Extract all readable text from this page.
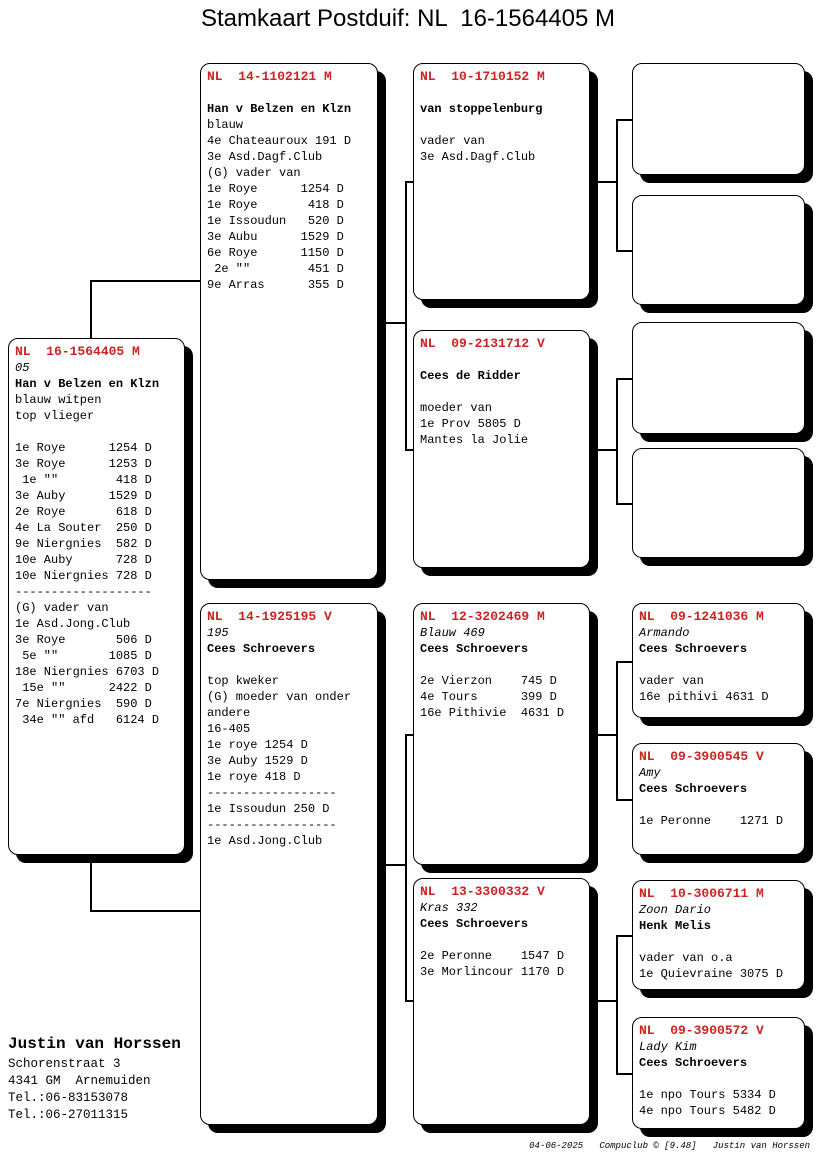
Stamkaart Postduif: NL  16-1564405 M
NL  16-1564405 M
05
Han v Belzen en Klzn
blauw witpen
top vlieger
1e Roye      1254 D
3e Roye      1253 D
1e ""        418 D
3e Auby      1529 D
2e Roye       618 D
4e La Souter  250 D
9e Niergnies  582 D
10e Auby      728 D
10e Niergnies 728 D
-------------------
(G) vader van
1e Asd.Jong.Club
3e Roye       506 D
5e ""       1085 D
18e Niergnies 6703 D
15e ""      2422 D
7e Niergnies  590 D
34e "" afd   6124 D
NL  14-1102121 M
Han v Belzen en Klzn
blauw
4e Chateauroux 191 D
3e Asd.Dagf.Club
(G) vader van
1e Roye      1254 D
1e Roye       418 D
1e Issoudun   520 D
3e Aubu      1529 D
6e Roye      1150 D
2e ""        451 D
9e Arras      355 D
NL  14-1925195 V
195
Cees Schroevers
top kweker
(G) moeder van onder
andere
16-405
1e roye 1254 D
3e Auby 1529 D
1e roye 418 D
------------------
1e Issoudun 250 D
------------------
1e Asd.Jong.Club
NL  10-1710152 M
van stoppelenburg
vader van
3e Asd.Dagf.Club
NL  09-2131712 V
Cees de Ridder
moeder van
1e Prov 5805 D
Mantes la Jolie
NL  12-3202469 M
Blauw 469
Cees Schroevers
2e Vierzon    745 D
4e Tours      399 D
16e Pithivie  4631 D
NL  13-3300332 V
Kras 332
Cees Schroevers
2e Peronne    1547 D
3e Morlincour 1170 D
NL  09-1241036 M
Armando
Cees Schroevers
vader van
16e pithivi 4631 D
NL  09-3900545 V
Amy
Cees Schroevers
1e Peronne    1271 D
NL  10-3006711 M
Zoon Dario
Henk Melis
vader van o.a
1e Quievraine 3075 D
NL  09-3900572 V
Lady Kim
Cees Schroevers
1e npo Tours 5334 D
4e npo Tours 5482 D
Justin van Horssen
Schorenstraat 3
4341 GM  Arnemuiden
Tel.:06-83153078
Tel.:06-27011315
04-06-2025 Compuclub © [9.48] Justin van Horssen
